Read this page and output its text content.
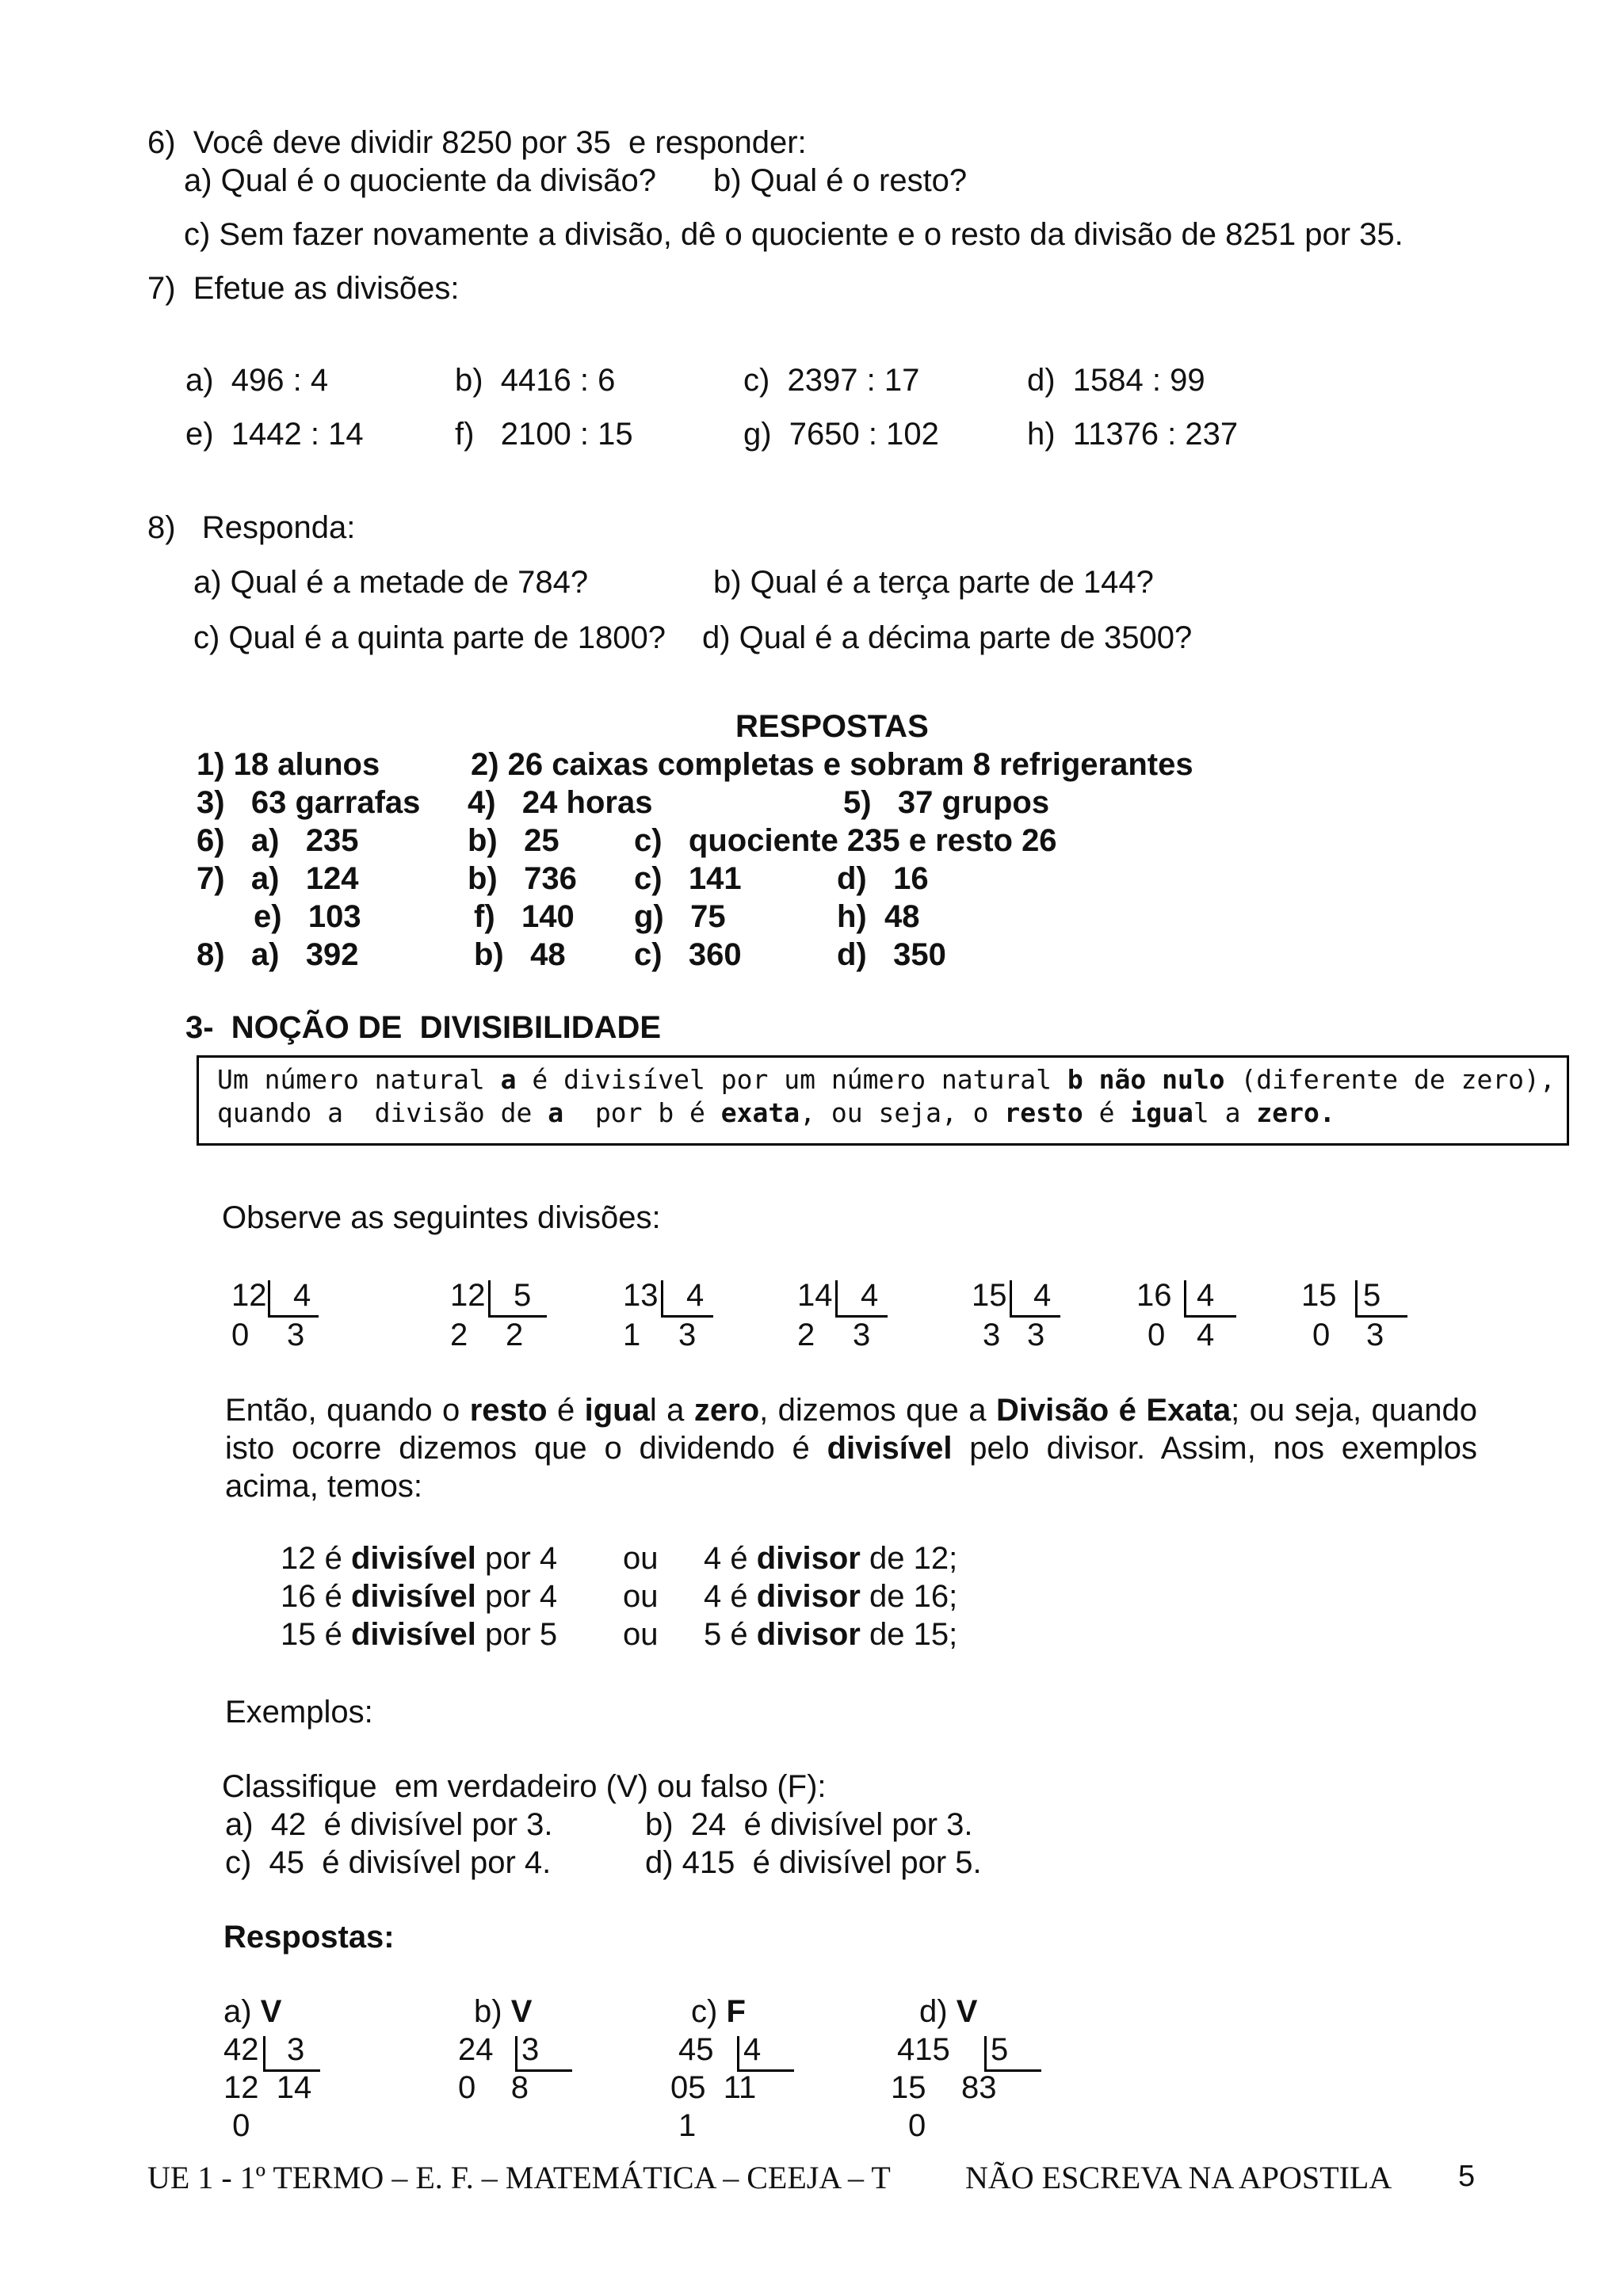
6)  Você deve dividir 8250 por 35  e responder:
a) Qual é o quociente da divisão? b) Qual é o resto?
c) Sem fazer novamente a divisão, dê o quociente e o resto da divisão de 8251 por 35.
7)  Efetue as divisões:
a)  496 : 4	b)  4416 : 6	c)  2397 : 17	d)  1584 : 99
e)  1442 : 14	f)   2100 : 15	g)  7650 : 102	h)  11376 : 237
8)   Responda:
a) Qual é a metade de 784?	b) Qual é a terça parte de 144?
c) Qual é a quinta parte de 1800? d) Qual é a décima parte de 3500?
RESPOSTAS
1) 18 alunos	2) 26 caixas completas e sobram 8 refrigerantes
3)   63 garrafas 4)   24 horas	5)   37 grupos
6)   a)   235	b)   25 c)   quociente 235 e resto 26
7)   a)   124	b)   736 c)   141	d)   16
e)   103	f)   140 g)   75	h)  48
8)   a)   392	b)   48 c)   360	d)   350
3-  NOÇÃO DE  DIVISIBILIDADE
Um número natural a é divisível por um número natural b não nulo (diferente de zero),
quando a  divisão de a  por b é exata, ou seja, o resto é igual a zero.
Observe as seguintes divisões:
12 4
0 3
12 5
2 2
13 4
1 3
14 4
2 3
15 4
3 3
16 4
0 4
15 5
0 3
Então, quando o resto é igual a zero, dizemos que a Divisão é Exata; ou seja, quando isto ocorre dizemos que o dividendo é divisível pelo divisor. Assim, nos exemplos acima, temos:
12 é divisível por 4 ou 4 é divisor de 12;
16 é divisível por 4 ou 4 é divisor de 16;
15 é divisível por 5 ou 5 é divisor de 15;
Exemplos:
Classifique  em verdadeiro (V) ou falso (F):
a)  42  é divisível por 3.	b)  24  é divisível por 3.
c)  45  é divisível por 4.	d) 415  é divisível por 5.
Respostas:
a) V	b) V	c) F	d) V
42 3
12  14
0
24 3
0    8
45 4
05  11
1
415 5
15    83
0
UE 1 - 1º TERMO – E. F. – MATEMÁTICA – CEEJA – T NÃO ESCREVA NA APOSTILA 5
